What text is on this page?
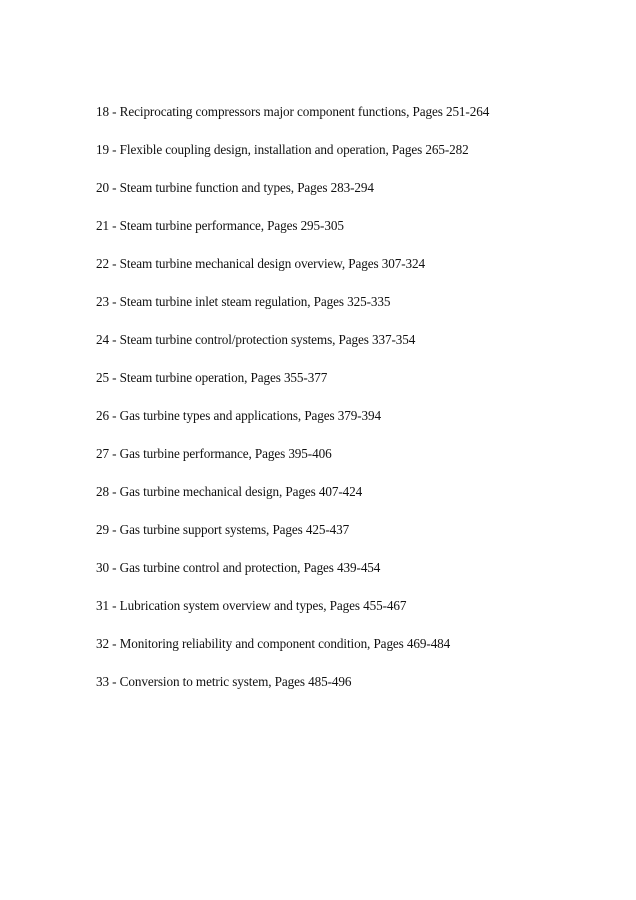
18 - Reciprocating compressors major component functions, Pages 251-264
19 - Flexible coupling design, installation and operation, Pages 265-282
20 - Steam turbine function and types, Pages 283-294
21 - Steam turbine performance, Pages 295-305
22 - Steam turbine mechanical design overview, Pages 307-324
23 - Steam turbine inlet steam regulation, Pages 325-335
24 - Steam turbine control/protection systems, Pages 337-354
25 - Steam turbine operation, Pages 355-377
26 - Gas turbine types and applications, Pages 379-394
27 - Gas turbine performance, Pages 395-406
28 - Gas turbine mechanical design, Pages 407-424
29 - Gas turbine support systems, Pages 425-437
30 - Gas turbine control and protection, Pages 439-454
31 - Lubrication system overview and types, Pages 455-467
32 - Monitoring reliability and component condition, Pages 469-484
33 - Conversion to metric system, Pages 485-496
